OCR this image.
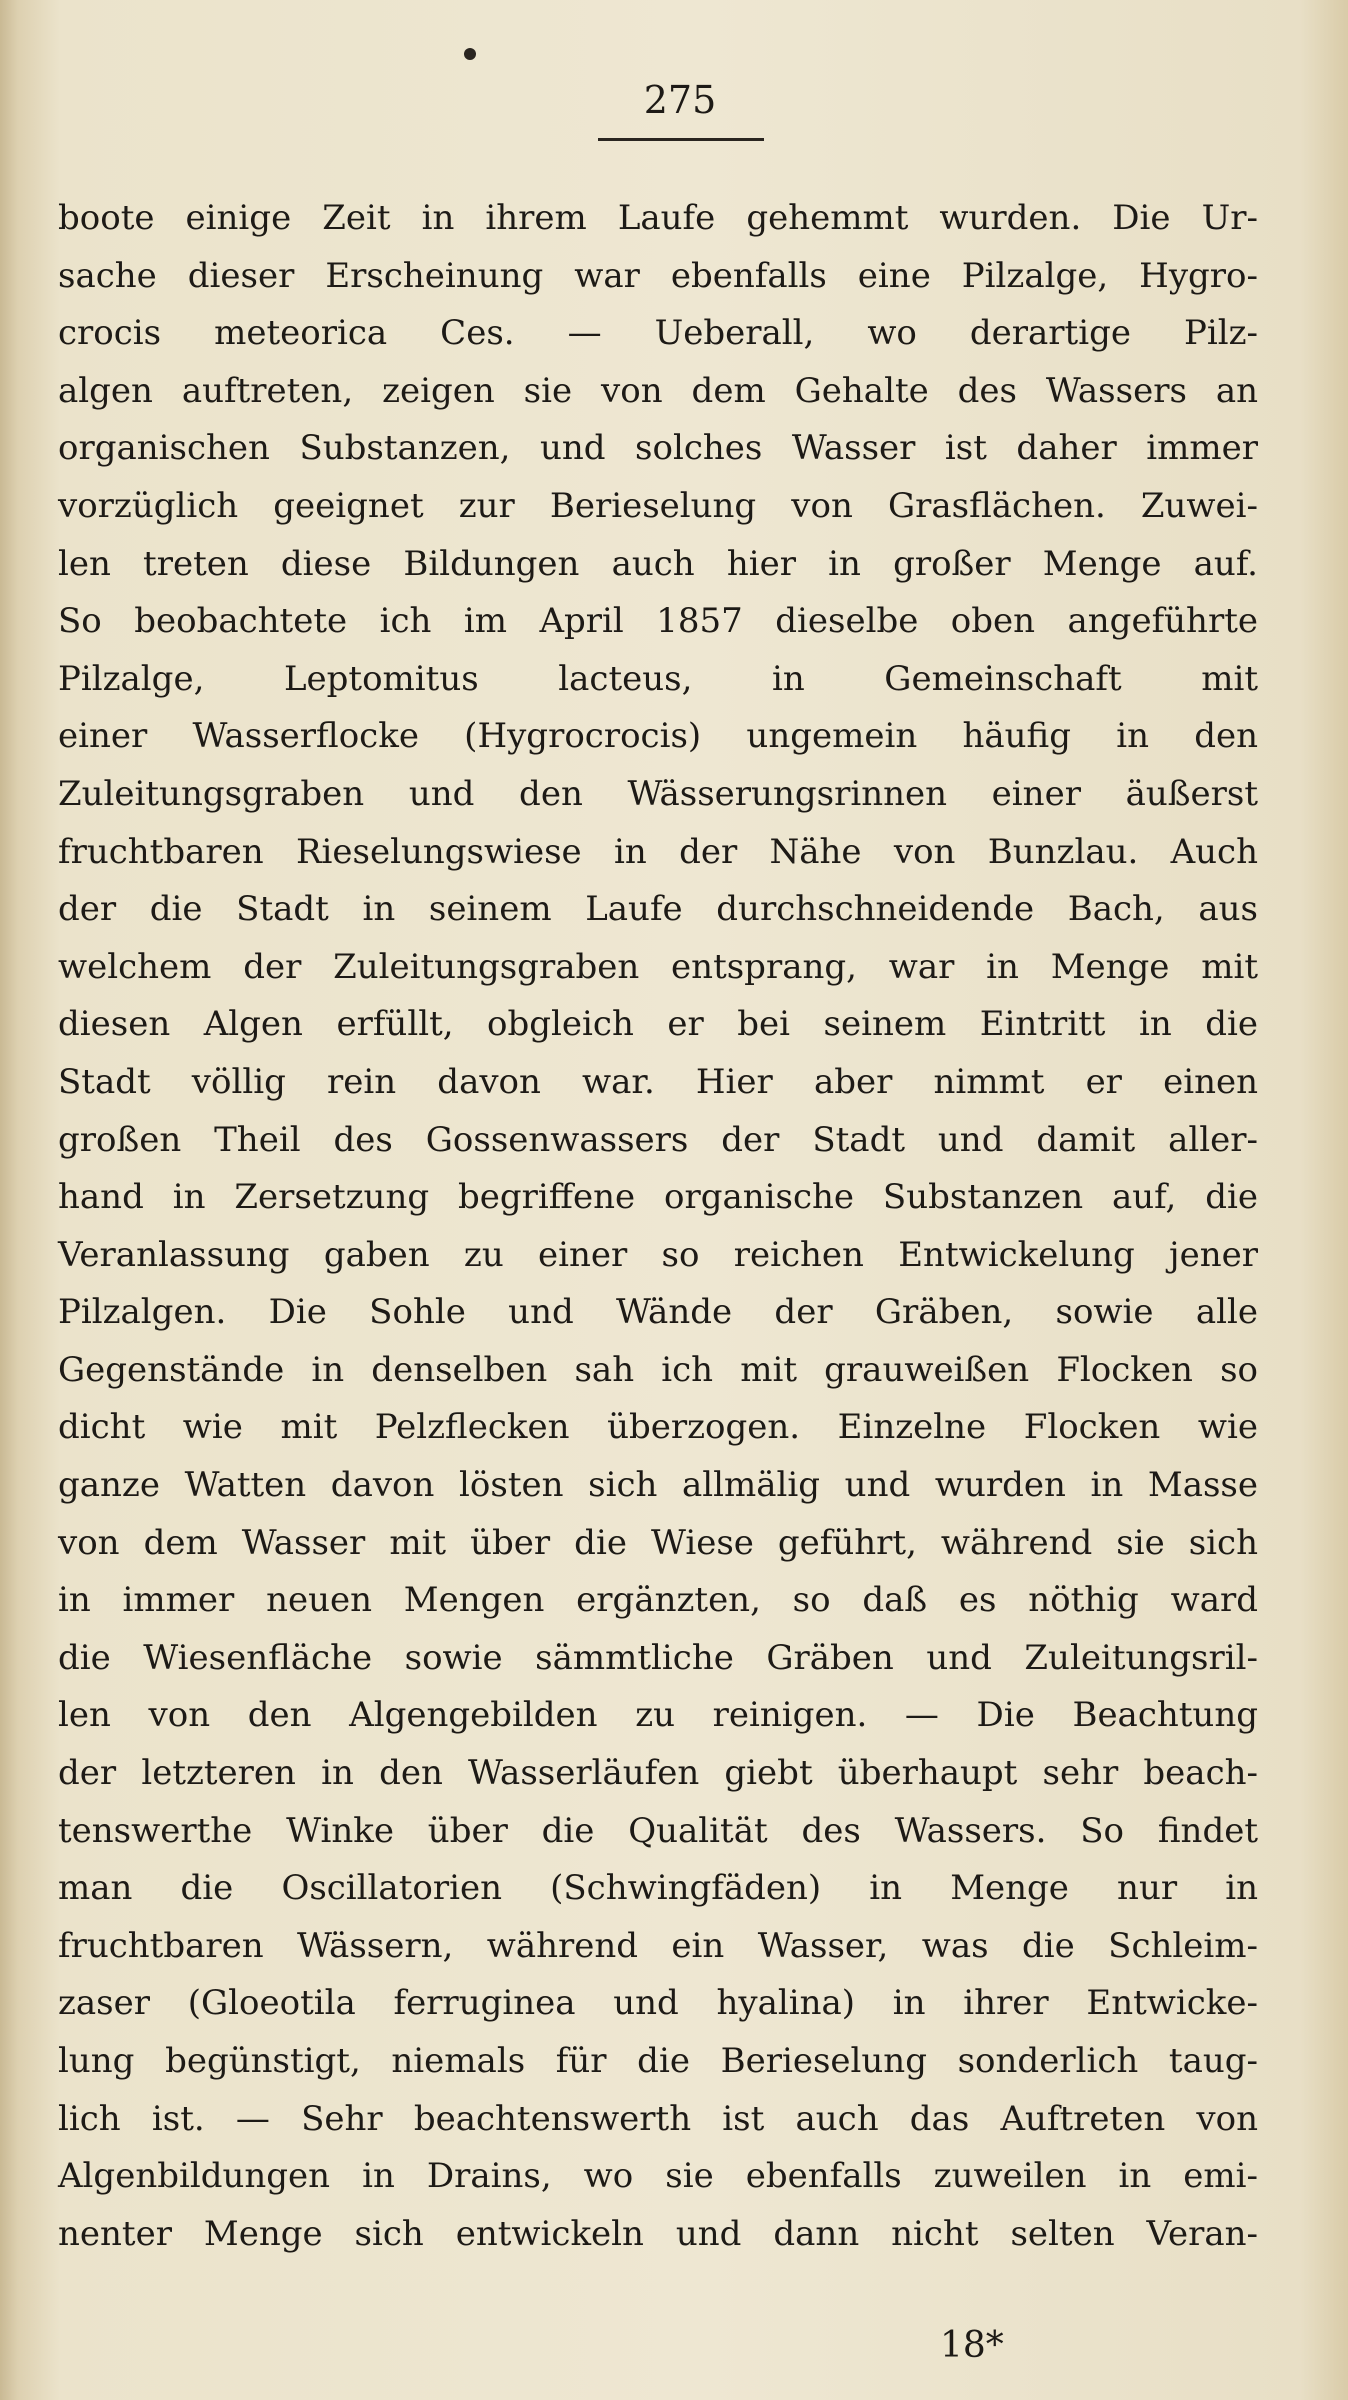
275
boote einige Zeit in ihrem Laufe gehemmt wurden. Die Ur-
sache dieser Erscheinung war ebenfalls eine Pilzalge, Hygro-
crocis meteorica Ces. — Ueberall, wo derartige Pilz-
algen auftreten, zeigen sie von dem Gehalte des Wassers an
organischen Substanzen, und solches Wasser ist daher immer
vorzüglich geeignet zur Berieselung von Grasflächen. Zuwei-
len treten diese Bildungen auch hier in großer Menge auf.
So beobachtete ich im April 1857 dieselbe oben angeführte
Pilzalge, Leptomitus lacteus, in Gemeinschaft mit
einer Wasserflocke (Hygrocrocis) ungemein häufig in den
Zuleitungsgraben und den Wässerungsrinnen einer äußerst
fruchtbaren Rieselungswiese in der Nähe von Bunzlau. Auch
der die Stadt in seinem Laufe durchschneidende Bach, aus
welchem der Zuleitungsgraben entsprang, war in Menge mit
diesen Algen erfüllt, obgleich er bei seinem Eintritt in die
Stadt völlig rein davon war. Hier aber nimmt er einen
großen Theil des Gossenwassers der Stadt und damit aller-
hand in Zersetzung begriffene organische Substanzen auf, die
Veranlassung gaben zu einer so reichen Entwickelung jener
Pilzalgen. Die Sohle und Wände der Gräben, sowie alle
Gegenstände in denselben sah ich mit grauweißen Flocken so
dicht wie mit Pelzflecken überzogen. Einzelne Flocken wie
ganze Watten davon lösten sich allmälig und wurden in Masse
von dem Wasser mit über die Wiese geführt, während sie sich
in immer neuen Mengen ergänzten, so daß es nöthig ward
die Wiesenfläche sowie sämmtliche Gräben und Zuleitungsril-
len von den Algengebilden zu reinigen. — Die Beachtung
der letzteren in den Wasserläufen giebt überhaupt sehr beach-
tenswerthe Winke über die Qualität des Wassers. So findet
man die Oscillatorien (Schwingfäden) in Menge nur in
fruchtbaren Wässern, während ein Wasser, was die Schleim-
zaser (Gloeotila ferruginea und hyalina) in ihrer Entwicke-
lung begünstigt, niemals für die Berieselung sonderlich taug-
lich ist. — Sehr beachtenswerth ist auch das Auftreten von
Algenbildungen in Drains, wo sie ebenfalls zuweilen in emi-
nenter Menge sich entwickeln und dann nicht selten Veran-
18*
